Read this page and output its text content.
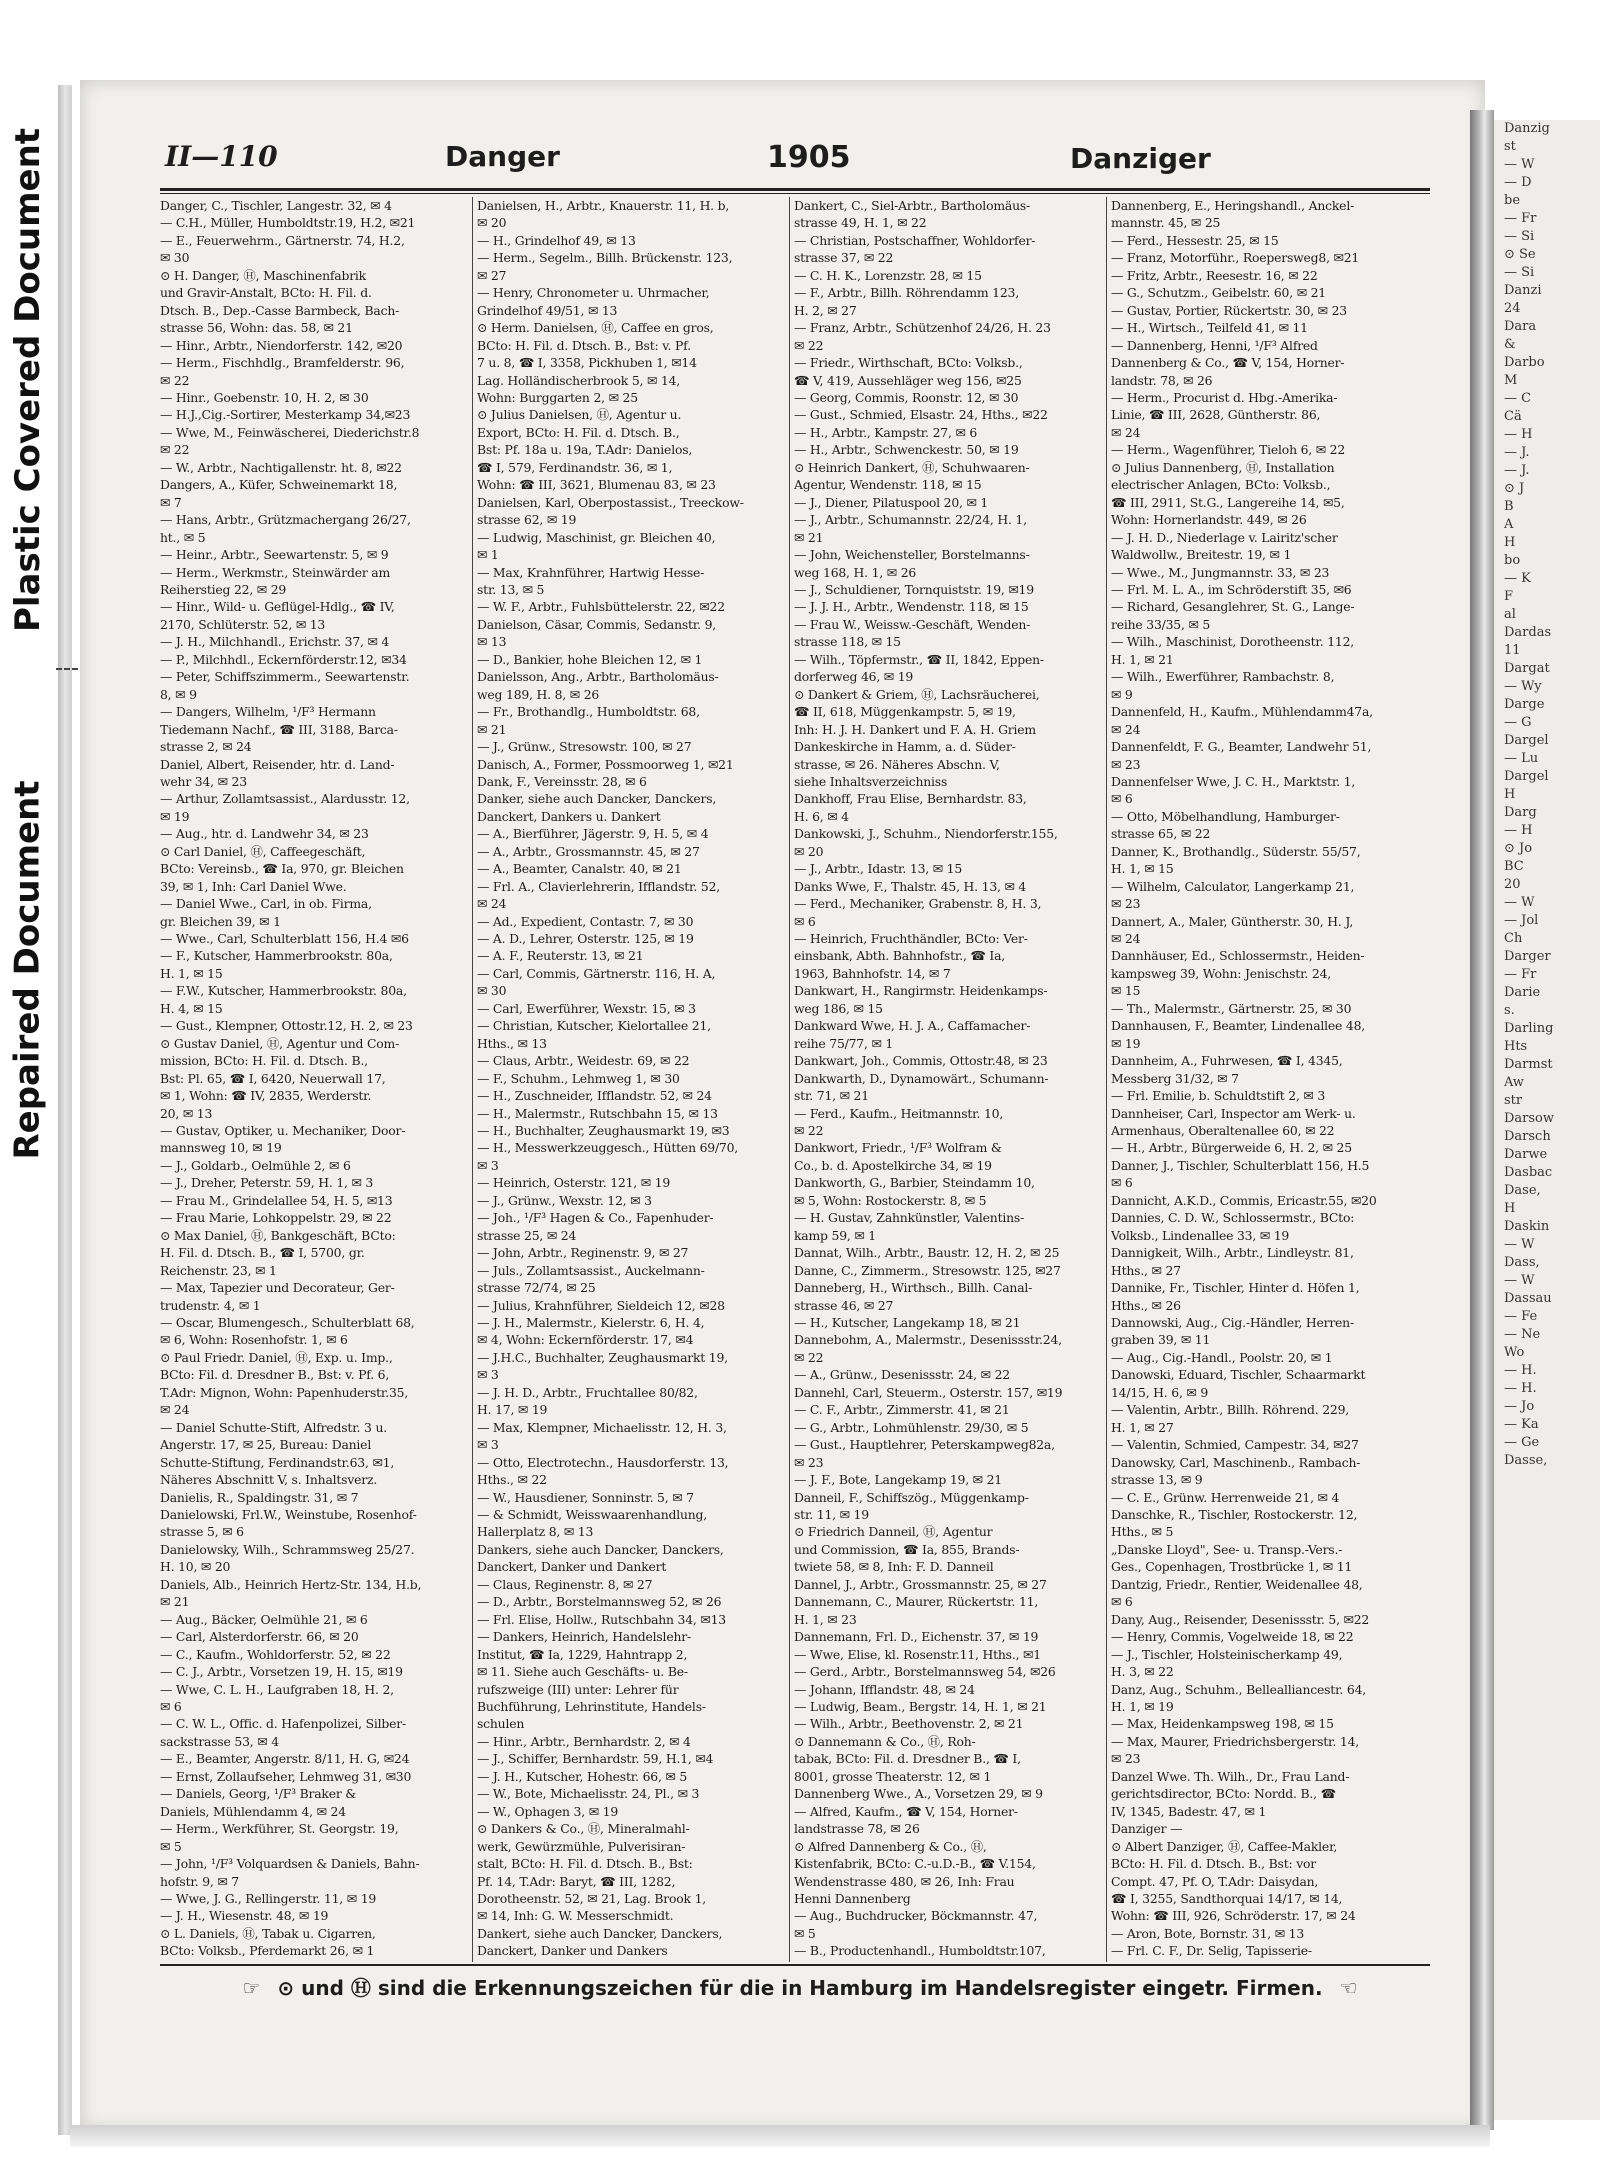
Plastic Covered Document
Repaired Document
Danzig
st
— W
— D
be
— Fr
— Si
⊙ Se
— Si
Danzi
24
Dara
&
Darbo
M
— C
Cä
— H
— J.
— J.
⊙ J
B
A
H
bo
— K
F
al
Dardas
11
Dargat
— Wy
Darge
— G
Dargel
— Lu
Dargel
H
Darg
— H
⊙ Jo
BC
20
— W
— Jol
Ch
Darger
— Fr
Darie
s.
Darling
Hts
Darmst
Aw
str
Darsow
Darsch
Darwe
Dasbac
Dase,
H
Daskin
— W
Dass,
— W
Dassau
— Fe
— Ne
Wo
— H.
— H.
— Jo
— Ka
— Ge
Dasse,
II—110	Danger	1905	Danziger
Danger, C., Tischler, Langestr. 32, ✉ 4
— C.H., Müller, Humboldtstr.19, H.2, ✉21
— E., Feuerwehrm., Gärtnerstr. 74, H.2,
✉ 30
⊙ H. Danger, Ⓗ, Maschinenfabrik
und Gravir-Anstalt, BCto: H. Fil. d.
Dtsch. B., Dep.-Casse Barmbeck, Bach-
strasse 56, Wohn: das. 58, ✉ 21
— Hinr., Arbtr., Niendorferstr. 142, ✉20
— Herm., Fischhdlg., Bramfelderstr. 96,
✉ 22
— Hinr., Goebenstr. 10, H. 2, ✉ 30
— H.J.,Cig.-Sortirer, Mesterkamp 34,✉23
— Wwe, M., Feinwäscherei, Diederichstr.8
✉ 22
— W., Arbtr., Nachtigallenstr. ht. 8, ✉22
Dangers, A., Küfer, Schweinemarkt 18,
✉ 7
— Hans, Arbtr., Grützmachergang 26/27,
ht., ✉ 5
— Heinr., Arbtr., Seewartenstr. 5, ✉ 9
— Herm., Werkmstr., Steinwärder am
Reiherstieg 22, ✉ 29
— Hinr., Wild- u. Geflügel-Hdlg., ☎ IV,
2170, Schlüterstr. 52, ✉ 13
— J. H., Milchhandl., Erichstr. 37, ✉ 4
— P., Milchhdl., Eckernförderstr.12, ✉34
— Peter, Schiffszimmerm., Seewartenstr.
8, ✉ 9
— Dangers, Wilhelm, ¹/F³ Hermann
Tiedemann Nachf., ☎ III, 3188, Barca-
strasse 2, ✉ 24
Daniel, Albert, Reisender, htr. d. Land-
wehr 34, ✉ 23
— Arthur, Zollamtsassist., Alardusstr. 12,
✉ 19
— Aug., htr. d. Landwehr 34, ✉ 23
⊙ Carl Daniel, Ⓗ, Caffeegeschäft,
BCto: Vereinsb., ☎ Ia, 970, gr. Bleichen
39, ✉ 1, Inh: Carl Daniel Wwe.
— Daniel Wwe., Carl, in ob. Firma,
gr. Bleichen 39, ✉ 1
— Wwe., Carl, Schulterblatt 156, H.4 ✉6
— F., Kutscher, Hammerbrookstr. 80a,
H. 1, ✉ 15
— F.W., Kutscher, Hammerbrookstr. 80a,
H. 4, ✉ 15
— Gust., Klempner, Ottostr.12, H. 2, ✉ 23
⊙ Gustav Daniel, Ⓗ, Agentur und Com-
mission, BCto: H. Fil. d. Dtsch. B.,
Bst: Pl. 65, ☎ I, 6420, Neuerwall 17,
✉ 1, Wohn: ☎ IV, 2835, Werderstr.
20, ✉ 13
— Gustav, Optiker, u. Mechaniker, Door-
mannsweg 10, ✉ 19
— J., Goldarb., Oelmühle 2, ✉ 6
— J., Dreher, Peterstr. 59, H. 1, ✉ 3
— Frau M., Grindelallee 54, H. 5, ✉13
— Frau Marie, Lohkoppelstr. 29, ✉ 22
⊙ Max Daniel, Ⓗ, Bankgeschäft, BCto:
H. Fil. d. Dtsch. B., ☎ I, 5700, gr.
Reichenstr. 23, ✉ 1
— Max, Tapezier und Decorateur, Ger-
trudenstr. 4, ✉ 1
— Oscar, Blumengesch., Schulterblatt 68,
✉ 6, Wohn: Rosenhofstr. 1, ✉ 6
⊙ Paul Friedr. Daniel, Ⓗ, Exp. u. Imp.,
BCto: Fil. d. Dresdner B., Bst: v. Pf. 6,
T.Adr: Mignon, Wohn: Papenhuderstr.35,
✉ 24
— Daniel Schutte-Stift, Alfredstr. 3 u.
Angerstr. 17, ✉ 25, Bureau: Daniel
Schutte-Stiftung, Ferdinandstr.63, ✉1,
Näheres Abschnitt V, s. Inhaltsverz.
Danielis, R., Spaldingstr. 31, ✉ 7
Danielowski, Frl.W., Weinstube, Rosenhof-
strasse 5, ✉ 6
Danielowsky, Wilh., Schrammsweg 25/27.
H. 10, ✉ 20
Daniels, Alb., Heinrich Hertz-Str. 134, H.b,
✉ 21
— Aug., Bäcker, Oelmühle 21, ✉ 6
— Carl, Alsterdorferstr. 66, ✉ 20
— C., Kaufm., Wohldorferstr. 52, ✉ 22
— C. J., Arbtr., Vorsetzen 19, H. 15, ✉19
— Wwe, C. L. H., Laufgraben 18, H. 2,
✉ 6
— C. W. L., Offic. d. Hafenpolizei, Silber-
sackstrasse 53, ✉ 4
— E., Beamter, Angerstr. 8/11, H. G, ✉24
— Ernst, Zollaufseher, Lehmweg 31, ✉30
— Daniels, Georg, ¹/F³ Braker &
Daniels, Mühlendamm 4, ✉ 24
— Herm., Werkführer, St. Georgstr. 19,
✉ 5
— John, ¹/F³ Volquardsen & Daniels, Bahn-
hofstr. 9, ✉ 7
— Wwe, J. G., Rellingerstr. 11, ✉ 19
— J. H., Wiesenstr. 48, ✉ 19
⊙ L. Daniels, Ⓗ, Tabak u. Cigarren,
BCto: Volksb., Pferdemarkt 26, ✉ 1
Danielsen, H., Arbtr., Knauerstr. 11, H. b,
✉ 20
— H., Grindelhof 49, ✉ 13
— Herm., Segelm., Billh. Brückenstr. 123,
✉ 27
— Henry, Chronometer u. Uhrmacher,
Grindelhof 49/51, ✉ 13
⊙ Herm. Danielsen, Ⓗ, Caffee en gros,
BCto: H. Fil. d. Dtsch. B., Bst: v. Pf.
7 u. 8, ☎ I, 3358, Pickhuben 1, ✉14
Lag. Holländischerbrook 5, ✉ 14,
Wohn: Burggarten 2, ✉ 25
⊙ Julius Danielsen, Ⓗ, Agentur u.
Export, BCto: H. Fil. d. Dtsch. B.,
Bst: Pf. 18a u. 19a, T.Adr: Danielos,
☎ I, 579, Ferdinandstr. 36, ✉ 1,
Wohn: ☎ III, 3621, Blumenau 83, ✉ 23
Danielsen, Karl, Oberpostassist., Treeckow-
strasse 62, ✉ 19
— Ludwig, Maschinist, gr. Bleichen 40,
✉ 1
— Max, Krahnführer, Hartwig Hesse-
str. 13, ✉ 5
— W. F., Arbtr., Fuhlsbüttelerstr. 22, ✉22
Danielson, Cäsar, Commis, Sedanstr. 9,
✉ 13
— D., Bankier, hohe Bleichen 12, ✉ 1
Danielsson, Ang., Arbtr., Bartholomäus-
weg 189, H. 8, ✉ 26
— Fr., Brothandlg., Humboldtstr. 68,
✉ 21
— J., Grünw., Stresowstr. 100, ✉ 27
Danisch, A., Former, Possmoorweg 1, ✉21
Dank, F., Vereinsstr. 28, ✉ 6
Danker, siehe auch Dancker, Danckers,
Danckert, Dankers u. Dankert
— A., Bierführer, Jägerstr. 9, H. 5, ✉ 4
— A., Arbtr., Grossmannstr. 45, ✉ 27
— A., Beamter, Canalstr. 40, ✉ 21
— Frl. A., Clavierlehrerin, Ifflandstr. 52,
✉ 24
— Ad., Expedient, Contastr. 7, ✉ 30
— A. D., Lehrer, Osterstr. 125, ✉ 19
— A. F., Reuterstr. 13, ✉ 21
— Carl, Commis, Gärtnerstr. 116, H. A,
✉ 30
— Carl, Ewerführer, Wexstr. 15, ✉ 3
— Christian, Kutscher, Kielortallee 21,
Hths., ✉ 13
— Claus, Arbtr., Weidestr. 69, ✉ 22
— F., Schuhm., Lehmweg 1, ✉ 30
— H., Zuschneider, Ifflandstr. 52, ✉ 24
— H., Malermstr., Rutschbahn 15, ✉ 13
— H., Buchhalter, Zeughausmarkt 19, ✉3
— H., Messwerkzeuggesch., Hütten 69/70,
✉ 3
— Heinrich, Osterstr. 121, ✉ 19
— J., Grünw., Wexstr. 12, ✉ 3
— Joh., ¹/F³ Hagen & Co., Fapenhuder-
strasse 25, ✉ 24
— John, Arbtr., Reginenstr. 9, ✉ 27
— Juls., Zollamtsassist., Auckelmann-
strasse 72/74, ✉ 25
— Julius, Krahnführer, Sieldeich 12, ✉28
— J. H., Malermstr., Kielerstr. 6, H. 4,
✉ 4, Wohn: Eckernförderstr. 17, ✉4
— J.H.C., Buchhalter, Zeughausmarkt 19,
✉ 3
— J. H. D., Arbtr., Fruchtallee 80/82,
H. 17, ✉ 19
— Max, Klempner, Michaelisstr. 12, H. 3,
✉ 3
— Otto, Electrotechn., Hausdorferstr. 13,
Hths., ✉ 22
— W., Hausdiener, Sonninstr. 5, ✉ 7
— & Schmidt, Weisswaarenhandlung,
Hallerplatz 8, ✉ 13
Dankers, siehe auch Dancker, Danckers,
Danckert, Danker und Dankert
— Claus, Reginenstr. 8, ✉ 27
— D., Arbtr., Borstelmannsweg 52, ✉ 26
— Frl. Elise, Hollw., Rutschbahn 34, ✉13
— Dankers, Heinrich, Handelslehr-
Institut, ☎ Ia, 1229, Hahntrapp 2,
✉ 11. Siehe auch Geschäfts- u. Be-
rufszweige (III) unter: Lehrer für
Buchführung, Lehrinstitute, Handels-
schulen
— Hinr., Arbtr., Bernhardstr. 2, ✉ 4
— J., Schiffer, Bernhardstr. 59, H.1, ✉4
— J. H., Kutscher, Hohestr. 66, ✉ 5
— W., Bote, Michaelisstr. 24, Pl., ✉ 3
— W., Ophagen 3, ✉ 19
⊙ Dankers & Co., Ⓗ, Mineralmahl-
werk, Gewürzmühle, Pulverisiran-
stalt, BCto: H. Fil. d. Dtsch. B., Bst:
Pf. 14, T.Adr: Baryt, ☎ III, 1282,
Dorotheenstr. 52, ✉ 21, Lag. Brook 1,
✉ 14, Inh: G. W. Messerschmidt.
Dankert, siehe auch Dancker, Danckers,
Danckert, Danker und Dankers
Dankert, C., Siel-Arbtr., Bartholomäus-
strasse 49, H. 1, ✉ 22
— Christian, Postschaffner, Wohldorfer-
strasse 37, ✉ 22
— C. H. K., Lorenzstr. 28, ✉ 15
— F., Arbtr., Billh. Röhrendamm 123,
H. 2, ✉ 27
— Franz, Arbtr., Schützenhof 24/26, H. 23
✉ 22
— Friedr., Wirthschaft, BCto: Volksb.,
☎ V, 419, Aussehläger weg 156, ✉25
— Georg, Commis, Roonstr. 12, ✉ 30
— Gust., Schmied, Elsastr. 24, Hths., ✉22
— H., Arbtr., Kampstr. 27, ✉ 6
— H., Arbtr., Schwenckestr. 50, ✉ 19
⊙ Heinrich Dankert, Ⓗ, Schuhwaaren-
Agentur, Wendenstr. 118, ✉ 15
— J., Diener, Pilatuspool 20, ✉ 1
— J., Arbtr., Schumannstr. 22/24, H. 1,
✉ 21
— John, Weichensteller, Borstelmanns-
weg 168, H. 1, ✉ 26
— J., Schuldiener, Tornquiststr. 19, ✉19
— J. J. H., Arbtr., Wendenstr. 118, ✉ 15
— Frau W., Weissw.-Geschäft, Wenden-
strasse 118, ✉ 15
— Wilh., Töpfermstr., ☎ II, 1842, Eppen-
dorferweg 46, ✉ 19
⊙ Dankert & Griem, Ⓗ, Lachsräucherei,
☎ II, 618, Müggenkampstr. 5, ✉ 19,
Inh: H. J. H. Dankert und F. A. H. Griem
Dankeskirche in Hamm, a. d. Süder-
strasse, ✉ 26. Näheres Abschn. V,
siehe Inhaltsverzeichniss
Dankhoff, Frau Elise, Bernhardstr. 83,
H. 6, ✉ 4
Dankowski, J., Schuhm., Niendorferstr.155,
✉ 20
— J., Arbtr., Idastr. 13, ✉ 15
Danks Wwe, F., Thalstr. 45, H. 13, ✉ 4
— Ferd., Mechaniker, Grabenstr. 8, H. 3,
✉ 6
— Heinrich, Fruchthändler, BCto: Ver-
einsbank, Abth. Bahnhofstr., ☎ Ia,
1963, Bahnhofstr. 14, ✉ 7
Dankwart, H., Rangirmstr. Heidenkamps-
weg 186, ✉ 15
Dankward Wwe, H. J. A., Caffamacher-
reihe 75/77, ✉ 1
Dankwart, Joh., Commis, Ottostr.48, ✉ 23
Dankwarth, D., Dynamowärt., Schumann-
str. 71, ✉ 21
— Ferd., Kaufm., Heitmannstr. 10,
✉ 22
Dankwort, Friedr., ¹/F³ Wolfram &
Co., b. d. Apostelkirche 34, ✉ 19
Dankworth, G., Barbier, Steindamm 10,
✉ 5, Wohn: Rostockerstr. 8, ✉ 5
— H. Gustav, Zahnkünstler, Valentins-
kamp 59, ✉ 1
Dannat, Wilh., Arbtr., Baustr. 12, H. 2, ✉ 25
Danne, C., Zimmerm., Stresowstr. 125, ✉27
Danneberg, H., Wirthsch., Billh. Canal-
strasse 46, ✉ 27
— H., Kutscher, Langekamp 18, ✉ 21
Dannebohm, A., Malermstr., Desenissstr.24,
✉ 22
— A., Grünw., Desenissstr. 24, ✉ 22
Dannehl, Carl, Steuerm., Osterstr. 157, ✉19
— C. F., Arbtr., Zimmerstr. 41, ✉ 21
— G., Arbtr., Lohmühlenstr. 29/30, ✉ 5
— Gust., Hauptlehrer, Peterskampweg82a,
✉ 23
— J. F., Bote, Langekamp 19, ✉ 21
Danneil, F., Schiffszög., Müggenkamp-
str. 11, ✉ 19
⊙ Friedrich Danneil, Ⓗ, Agentur
und Commission, ☎ Ia, 855, Brands-
twiete 58, ✉ 8, Inh: F. D. Danneil
Dannel, J., Arbtr., Grossmannstr. 25, ✉ 27
Dannemann, C., Maurer, Rückertstr. 11,
H. 1, ✉ 23
Dannemann, Frl. D., Eichenstr. 37, ✉ 19
— Wwe, Elise, kl. Rosenstr.11, Hths., ✉1
— Gerd., Arbtr., Borstelmannsweg 54, ✉26
— Johann, Ifflandstr. 48, ✉ 24
— Ludwig, Beam., Bergstr. 14, H. 1, ✉ 21
— Wilh., Arbtr., Beethovenstr. 2, ✉ 21
⊙ Dannemann & Co., Ⓗ, Roh-
tabak, BCto: Fil. d. Dresdner B., ☎ I,
8001, grosse Theaterstr. 12, ✉ 1
Dannenberg Wwe., A., Vorsetzen 29, ✉ 9
— Alfred, Kaufm., ☎ V, 154, Horner-
landstrasse 78, ✉ 26
⊙ Alfred Dannenberg & Co., Ⓗ,
Kistenfabrik, BCto: C.-u.D.-B., ☎ V.154,
Wendenstrasse 480, ✉ 26, Inh: Frau
Henni Dannenberg
— Aug., Buchdrucker, Böckmannstr. 47,
✉ 5
— B., Productenhandl., Humboldtstr.107,
Dannenberg, E., Heringshandl., Anckel-
mannstr. 45, ✉ 25
— Ferd., Hessestr. 25, ✉ 15
— Franz, Motorführ., Roepersweg8, ✉21
— Fritz, Arbtr., Reesestr. 16, ✉ 22
— G., Schutzm., Geibelstr. 60, ✉ 21
— Gustav, Portier, Rückertstr. 30, ✉ 23
— H., Wirtsch., Teilfeld 41, ✉ 11
— Dannenberg, Henni, ¹/F³ Alfred
Dannenberg & Co., ☎ V, 154, Horner-
landstr. 78, ✉ 26
— Herm., Procurist d. Hbg.-Amerika-
Linie, ☎ III, 2628, Güntherstr. 86,
✉ 24
— Herm., Wagenführer, Tieloh 6, ✉ 22
⊙ Julius Dannenberg, Ⓗ, Installation
electrischer Anlagen, BCto: Volksb.,
☎ III, 2911, St.G., Langereihe 14, ✉5,
Wohn: Hornerlandstr. 449, ✉ 26
— J. H. D., Niederlage v. Lairitz'scher
Waldwollw., Breitestr. 19, ✉ 1
— Wwe., M., Jungmannstr. 33, ✉ 23
— Frl. M. L. A., im Schröderstift 35, ✉6
— Richard, Gesanglehrer, St. G., Lange-
reihe 33/35, ✉ 5
— Wilh., Maschinist, Dorotheenstr. 112,
H. 1, ✉ 21
— Wilh., Ewerführer, Rambachstr. 8,
✉ 9
Dannenfeld, H., Kaufm., Mühlendamm47a,
✉ 24
Dannenfeldt, F. G., Beamter, Landwehr 51,
✉ 23
Dannenfelser Wwe, J. C. H., Marktstr. 1,
✉ 6
— Otto, Möbelhandlung, Hamburger-
strasse 65, ✉ 22
Danner, K., Brothandlg., Süderstr. 55/57,
H. 1, ✉ 15
— Wilhelm, Calculator, Langerkamp 21,
✉ 23
Dannert, A., Maler, Güntherstr. 30, H. J,
✉ 24
Dannhäuser, Ed., Schlossermstr., Heiden-
kampsweg 39, Wohn: Jenischstr. 24,
✉ 15
— Th., Malermstr., Gärtnerstr. 25, ✉ 30
Dannhausen, F., Beamter, Lindenallee 48,
✉ 19
Dannheim, A., Fuhrwesen, ☎ I, 4345,
Messberg 31/32, ✉ 7
— Frl. Emilie, b. Schuldtstift 2, ✉ 3
Dannheiser, Carl, Inspector am Werk- u.
Armenhaus, Oberaltenallee 60, ✉ 22
— H., Arbtr., Bürgerweide 6, H. 2, ✉ 25
Danner, J., Tischler, Schulterblatt 156, H.5
✉ 6
Dannicht, A.K.D., Commis, Ericastr.55, ✉20
Dannies, C. D. W., Schlossermstr., BCto:
Volksb., Lindenallee 33, ✉ 19
Dannigkeit, Wilh., Arbtr., Lindleystr. 81,
Hths., ✉ 27
Dannike, Fr., Tischler, Hinter d. Höfen 1,
Hths., ✉ 26
Dannowski, Aug., Cig.-Händler, Herren-
graben 39, ✉ 11
— Aug., Cig.-Handl., Poolstr. 20, ✉ 1
Danowski, Eduard, Tischler, Schaarmarkt
14/15, H. 6, ✉ 9
— Valentin, Arbtr., Billh. Röhrend. 229,
H. 1, ✉ 27
— Valentin, Schmied, Campestr. 34, ✉27
Danowsky, Carl, Maschinenb., Rambach-
strasse 13, ✉ 9
— C. E., Grünw. Herrenweide 21, ✉ 4
Danschke, R., Tischler, Rostockerstr. 12,
Hths., ✉ 5
„Danske Lloyd", See- u. Transp.-Vers.-
Ges., Copenhagen, Trostbrücke 1, ✉ 11
Dantzig, Friedr., Rentier, Weidenallee 48,
✉ 6
Dany, Aug., Reisender, Desenissstr. 5, ✉22
— Henry, Commis, Vogelweide 18, ✉ 22
— J., Tischler, Holsteinischerkamp 49,
H. 3, ✉ 22
Danz, Aug., Schuhm., Bellealliancestr. 64,
H. 1, ✉ 19
— Max, Heidenkampsweg 198, ✉ 15
— Max, Maurer, Friedrichsbergerstr. 14,
✉ 23
Danzel Wwe. Th. Wilh., Dr., Frau Land-
gerichtsdirector, BCto: Nordd. B., ☎
IV, 1345, Badestr. 47, ✉ 1
Danziger —
⊙ Albert Danziger, Ⓗ, Caffee-Makler,
BCto: H. Fil. d. Dtsch. B., Bst: vor
Compt. 47, Pf. O, T.Adr: Daisydan,
☎ I, 3255, Sandthorquai 14/17, ✉ 14,
Wohn: ☎ III, 926, Schröderstr. 17, ✉ 24
— Aron, Bote, Bornstr. 31, ✉ 13
— Frl. C. F., Dr. Selig, Tapisserie-
☞ ⊙ und Ⓗ sind die Erkennungszeichen für die in Hamburg im Handelsregister eingetr. Firmen. ☜
